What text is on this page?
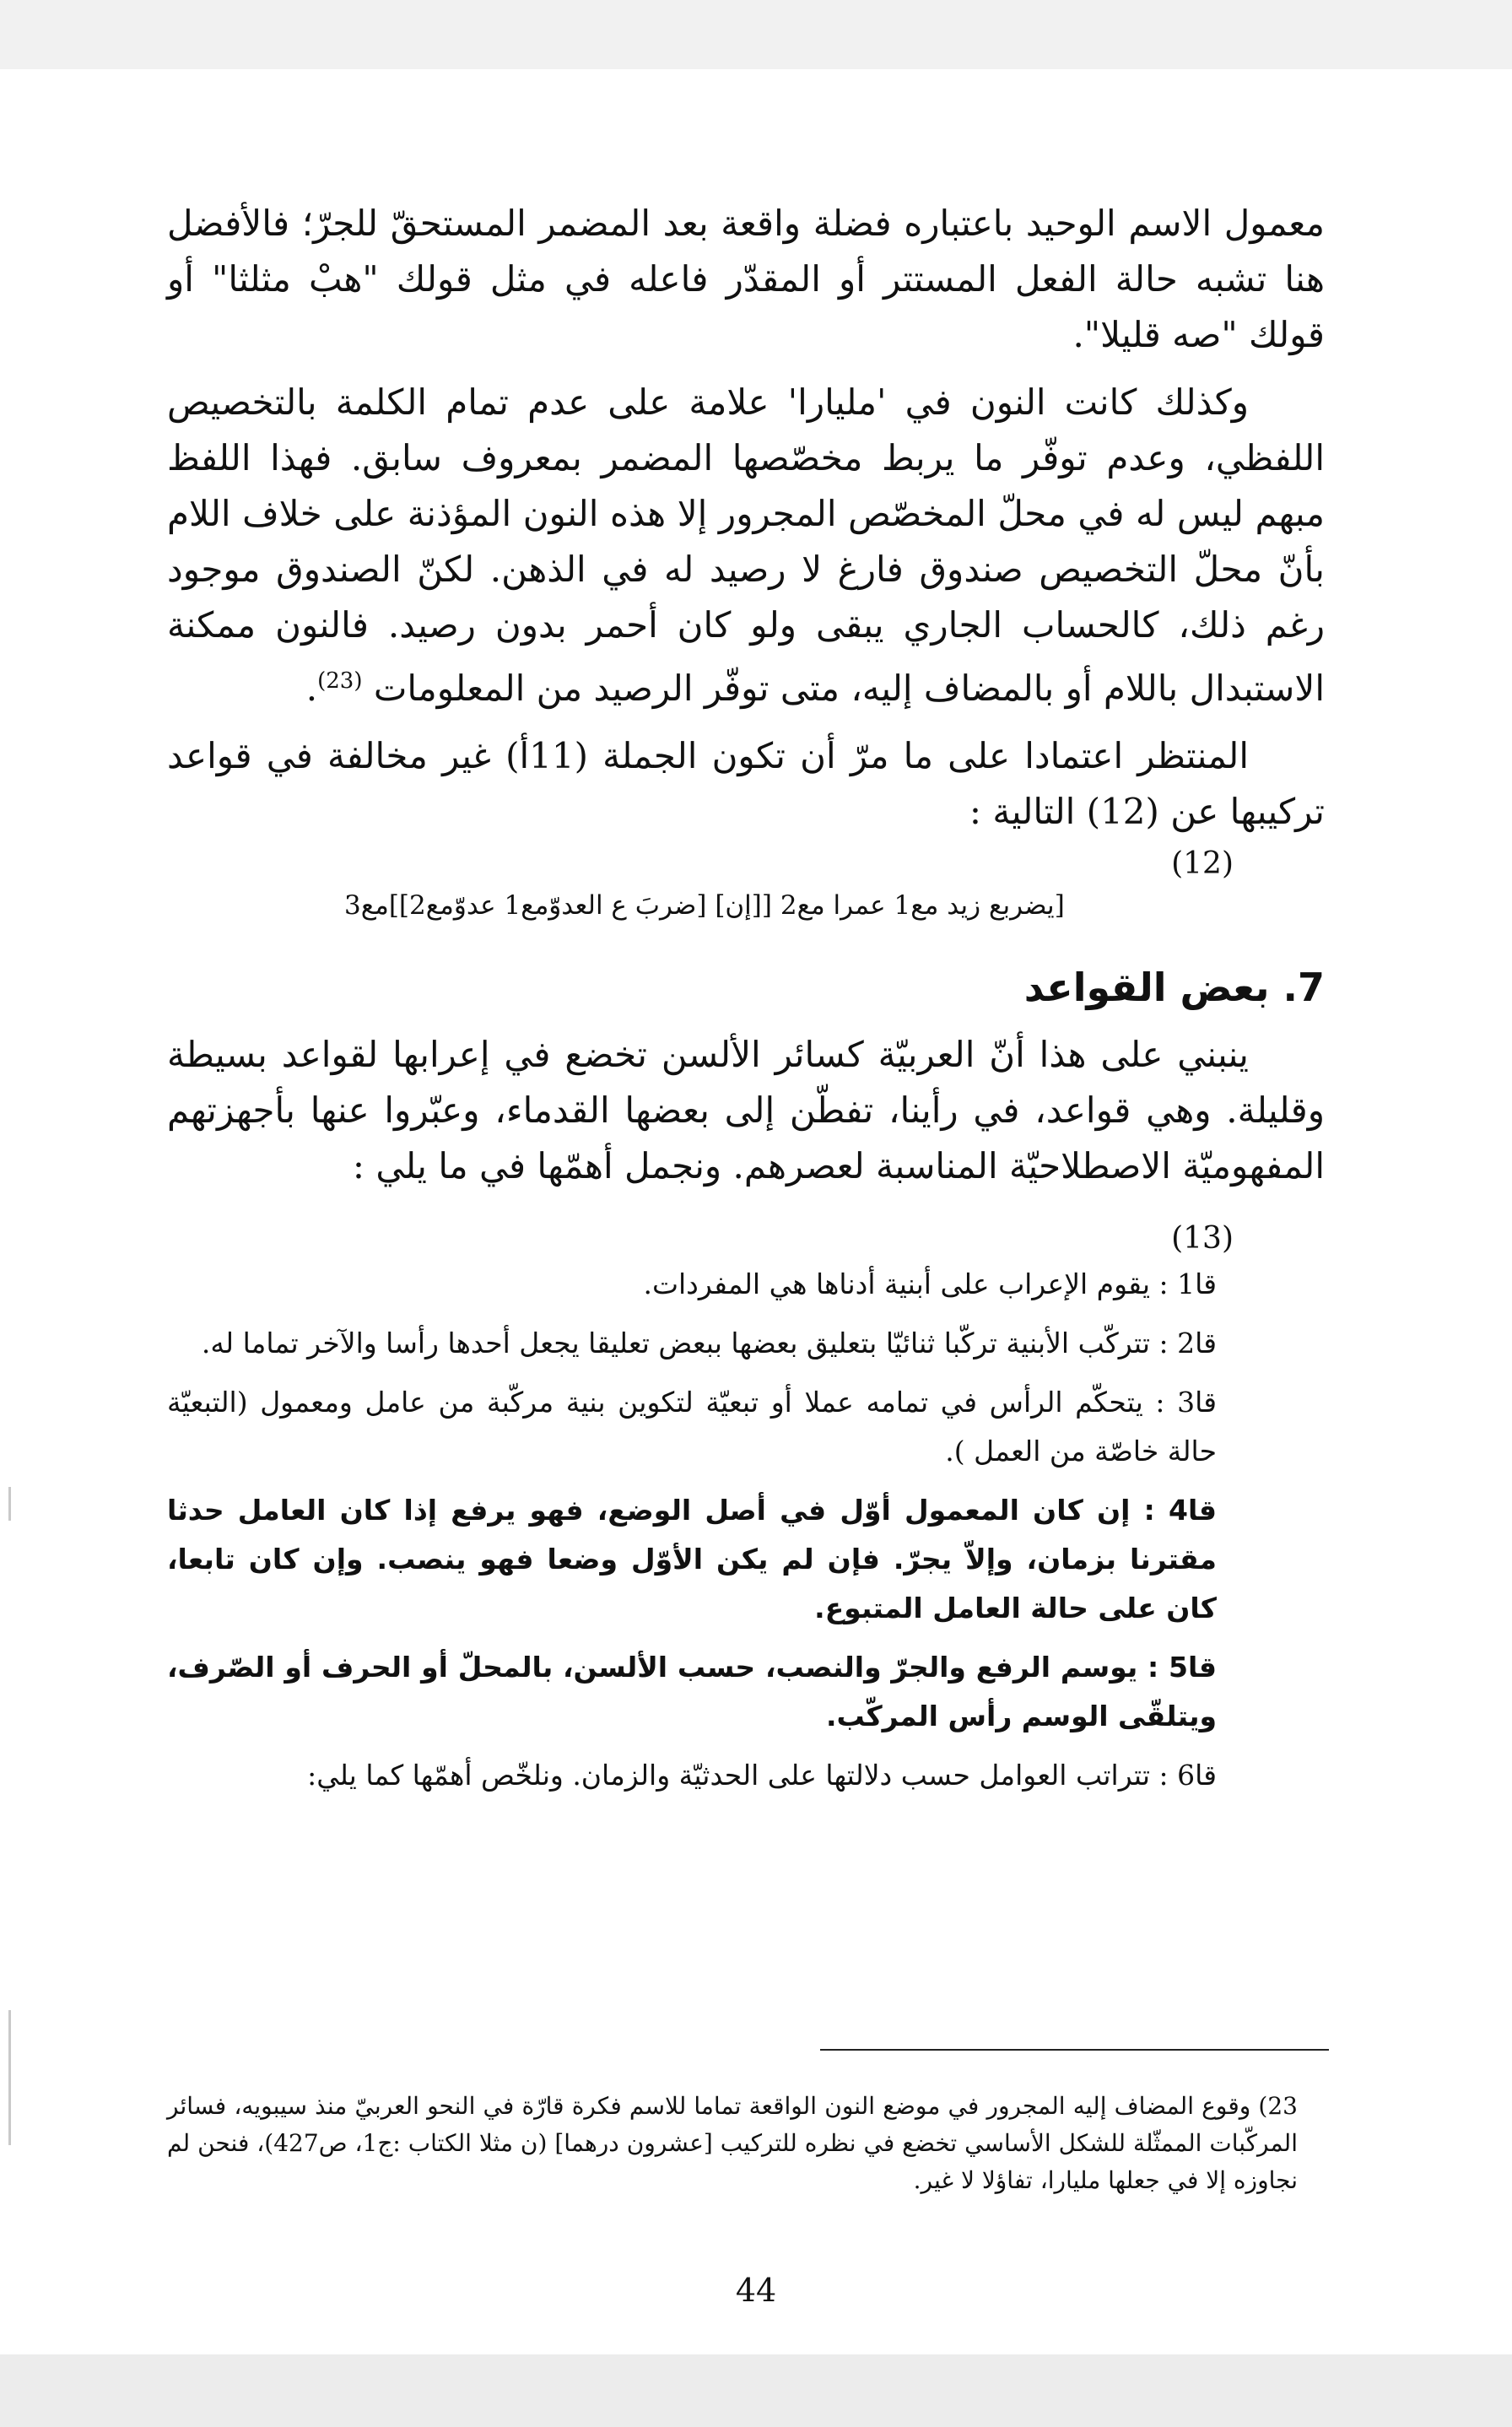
معمول الاسم الوحيد باعتباره فضلة واقعة بعد المضمر المستحقّ للجرّ؛ فالأفضل هنا تشبه حالة الفعل المستتر أو المقدّر فاعله في مثل قولك "هبْ مثلثا" أو قولك "صه قليلا".

وكذلك كانت النون في 'مليارا' علامة على عدم تمام الكلمة بالتخصيص اللفظي، وعدم توفّر ما يربط مخصّصها المضمر بمعروف سابق. فهذا اللفظ مبهم ليس له في محلّ المخصّص المجرور إلا هذه النون المؤذنة على خلاف اللام بأنّ محلّ التخصيص صندوق فارغ لا رصيد له في الذهن. لكنّ الصندوق موجود رغم ذلك، كالحساب الجاري يبقى ولو كان أحمر بدون رصيد. فالنون ممكنة الاستبدال باللام أو بالمضاف إليه، متى توفّر الرصيد من المعلومات $^{(23)}$.

المنتظر اعتمادا على ما مرّ أن تكون الجملة (11أ) غير مخالفة في قواعد تركيبها عن (12) التالية :

(12)
[يضربع زيد مع1 عمرا مع2 [[إن] [ضربَ ع العدوّمع1 عدوّمع2]]مع3
7. بعض القواعد

ينبني على هذا أنّ العربيّة كسائر الألسن تخضع في إعرابها لقواعد بسيطة وقليلة. وهي قواعد، في رأينا، تفطّن إلى بعضها القدماء، وعبّروا عنها بأجهزتهم المفهوميّة الاصطلاحيّة المناسبة لعصرهم. ونجمل أهمّها في ما يلي :

(13)

قا1 : يقوم الإعراب على أبنية أدناها هي المفردات.

قا2 : تتركّب الأبنية تركّبا ثنائيّا بتعليق بعضها ببعض تعليقا يجعل أحدها رأسا والآخر تماما له.

قا3 : يتحكّم الرأس في تمامه عملا أو تبعيّة لتكوين بنية مركّبة من عامل ومعمول (التبعيّة حالة خاصّة من العمل ).

قا4 : إن كان المعمول أوّل في أصل الوضع، فهو يرفع إذا كان العامل حدثا مقترنا بزمان، وإلاّ يجرّ. فإن لم يكن الأوّل وضعا فهو ينصب. وإن كان تابعا، كان على حالة العامل المتبوع.

قا5 : يوسم الرفع والجرّ والنصب، حسب الألسن، بالمحلّ أو الحرف أو الصّرف، ويتلقّى الوسم رأس المركّب.

قا6 : تتراتب العوامل حسب دلالتها على الحدثيّة والزمان. ونلخّص أهمّها كما يلي:

23) وقوع المضاف إليه المجرور في موضع النون الواقعة تماما للاسم فكرة قارّة في النحو العربيّ منذ سيبويه، فسائر المركّبات الممثّلة للشكل الأساسي تخضع في نظره للتركيب [عشرون درهما] (ن مثلا الكتاب :ج1، ص427)، فنحن لم نجاوزه إلا في جعلها مليارا، تفاؤلا لا غير.
44
